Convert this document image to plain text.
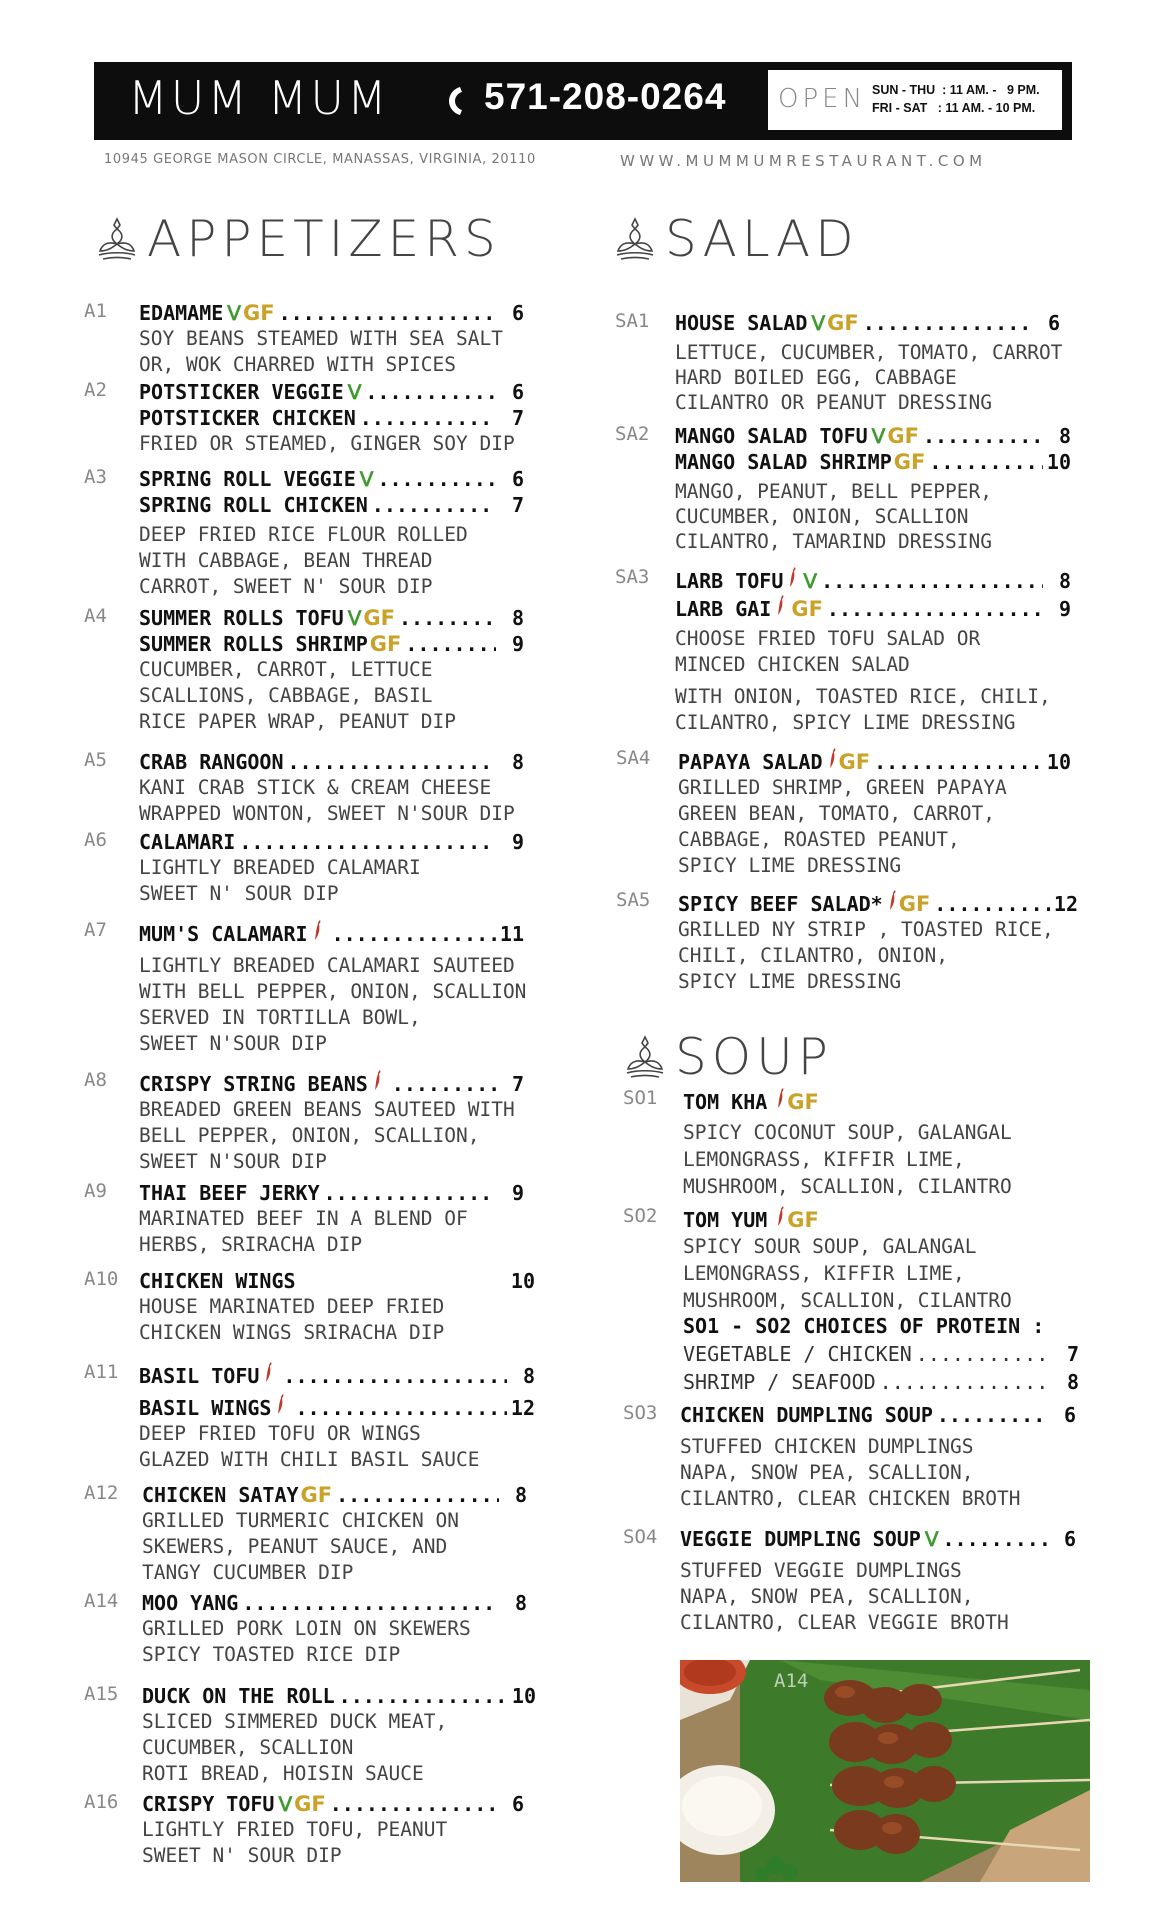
MUM MUM	571-208-0264 OPEN SUN - THU  : 11 AM. -   9 PM.
FRI - SAT   : 11 AM. - 10 PM.
10945 GEORGE MASON CIRCLE, MANASSAS, VIRGINIA, 20110	WWW.MUMMUMRESTAURANT.COM
APPETIZERS
A1 EDAMAME ᐯ GF .....	6
SOY BEANS STEAMED WITH SEA SALT
OR, WOK CHARRED WITH SPICES
A2 POTSTICKER VEGGIE ᐯ .....	6
POTSTICKER CHICKEN .....	7
FRIED OR STEAMED, GINGER SOY DIP
A3 SPRING ROLL VEGGIE ᐯ .....	6
SPRING ROLL CHICKEN .....	7
DEEP FRIED RICE FLOUR ROLLED
WITH CABBAGE, BEAN THREAD
CARROT, SWEET N' SOUR DIP
A4 SUMMER ROLLS TOFU ᐯ GF .....	8
SUMMER ROLLS SHRIMP GF .....	9
CUCUMBER, CARROT, LETTUCE
SCALLIONS, CABBAGE, BASIL
RICE PAPER WRAP, PEANUT DIP
A5 CRAB RANGOON .....	8
KANI CRAB STICK & CREAM CHEESE
WRAPPED WONTON, SWEET N'SOUR DIP
A6 CALAMARI .....	9
LIGHTLY BREADED CALAMARI
SWEET N' SOUR DIP
A7 MUM'S CALAMARI .....	11
LIGHTLY BREADED CALAMARI SAUTEED
WITH BELL PEPPER, ONION, SCALLION
SERVED IN TORTILLA BOWL,
SWEET N'SOUR DIP
A8 CRISPY STRING BEANS .....	7
BREADED GREEN BEANS SAUTEED WITH
BELL PEPPER, ONION, SCALLION,
SWEET N'SOUR DIP
A9 THAI BEEF JERKY .....	9
MARINATED BEEF IN A BLEND OF
HERBS, SRIRACHA DIP
A10 CHICKEN WINGS	10
HOUSE MARINATED DEEP FRIED
CHICKEN WINGS SRIRACHA DIP
A11 BASIL TOFU .....	8
BASIL WINGS .....	12
DEEP FRIED TOFU OR WINGS
GLAZED WITH CHILI BASIL SAUCE
A12 CHICKEN SATAY GF .....	8
GRILLED TURMERIC CHICKEN ON
SKEWERS, PEANUT SAUCE, AND
TANGY CUCUMBER DIP
A14 MOO YANG .....	8
GRILLED PORK LOIN ON SKEWERS
SPICY TOASTED RICE DIP
A15 DUCK ON THE ROLL .....	10
SLICED SIMMERED DUCK MEAT,
CUCUMBER, SCALLION
ROTI BREAD, HOISIN SAUCE
A16 CRISPY TOFU ᐯ GF .....	6
LIGHTLY FRIED TOFU, PEANUT
SWEET N' SOUR DIP
SALAD
SA1 HOUSE SALAD ᐯ GF .....	6
LETTUCE, CUCUMBER, TOMATO, CARROT
HARD BOILED EGG, CABBAGE
CILANTRO OR PEANUT DRESSING
SA2 MANGO SALAD TOFU ᐯ GF .....	8
MANGO SALAD SHRIMP GF .....	10
MANGO, PEANUT, BELL PEPPER,
CUCUMBER, ONION, SCALLION
CILANTRO, TAMARIND DRESSING
SA3 LARB TOFU ᐯ .....	8
LARB GAI GF .....	9
CHOOSE FRIED TOFU SALAD OR
MINCED CHICKEN SALAD
WITH ONION, TOASTED RICE, CHILI,
CILANTRO, SPICY LIME DRESSING
SA4 PAPAYA SALAD GF .....	10
GRILLED SHRIMP, GREEN PAPAYA
GREEN BEAN, TOMATO, CARROT,
CABBAGE, ROASTED PEANUT,
SPICY LIME DRESSING
SA5 SPICY BEEF SALAD* GF .....	12
GRILLED NY STRIP , TOASTED RICE,
CHILI, CILANTRO, ONION,
SPICY LIME DRESSING
SOUP
SO1 TOM KHA GF
SPICY COCONUT SOUP, GALANGAL
LEMONGRASS, KIFFIR LIME,
MUSHROOM, SCALLION, CILANTRO
SO2 TOM YUM GF
SPICY SOUR SOUP, GALANGAL
LEMONGRASS, KIFFIR LIME,
MUSHROOM, SCALLION, CILANTRO
SO1 - SO2 CHOICES OF PROTEIN :
VEGETABLE / CHICKEN .....	7
SHRIMP / SEAFOOD .....	8
SO3 CHICKEN DUMPLING SOUP .....	6
STUFFED CHICKEN DUMPLINGS
NAPA, SNOW PEA, SCALLION,
CILANTRO, CLEAR CHICKEN BROTH
SO4 VEGGIE DUMPLING SOUP ᐯ .....	6
STUFFED VEGGIE DUMPLINGS
NAPA, SNOW PEA, SCALLION,
CILANTRO, CLEAR VEGGIE BROTH
A14
